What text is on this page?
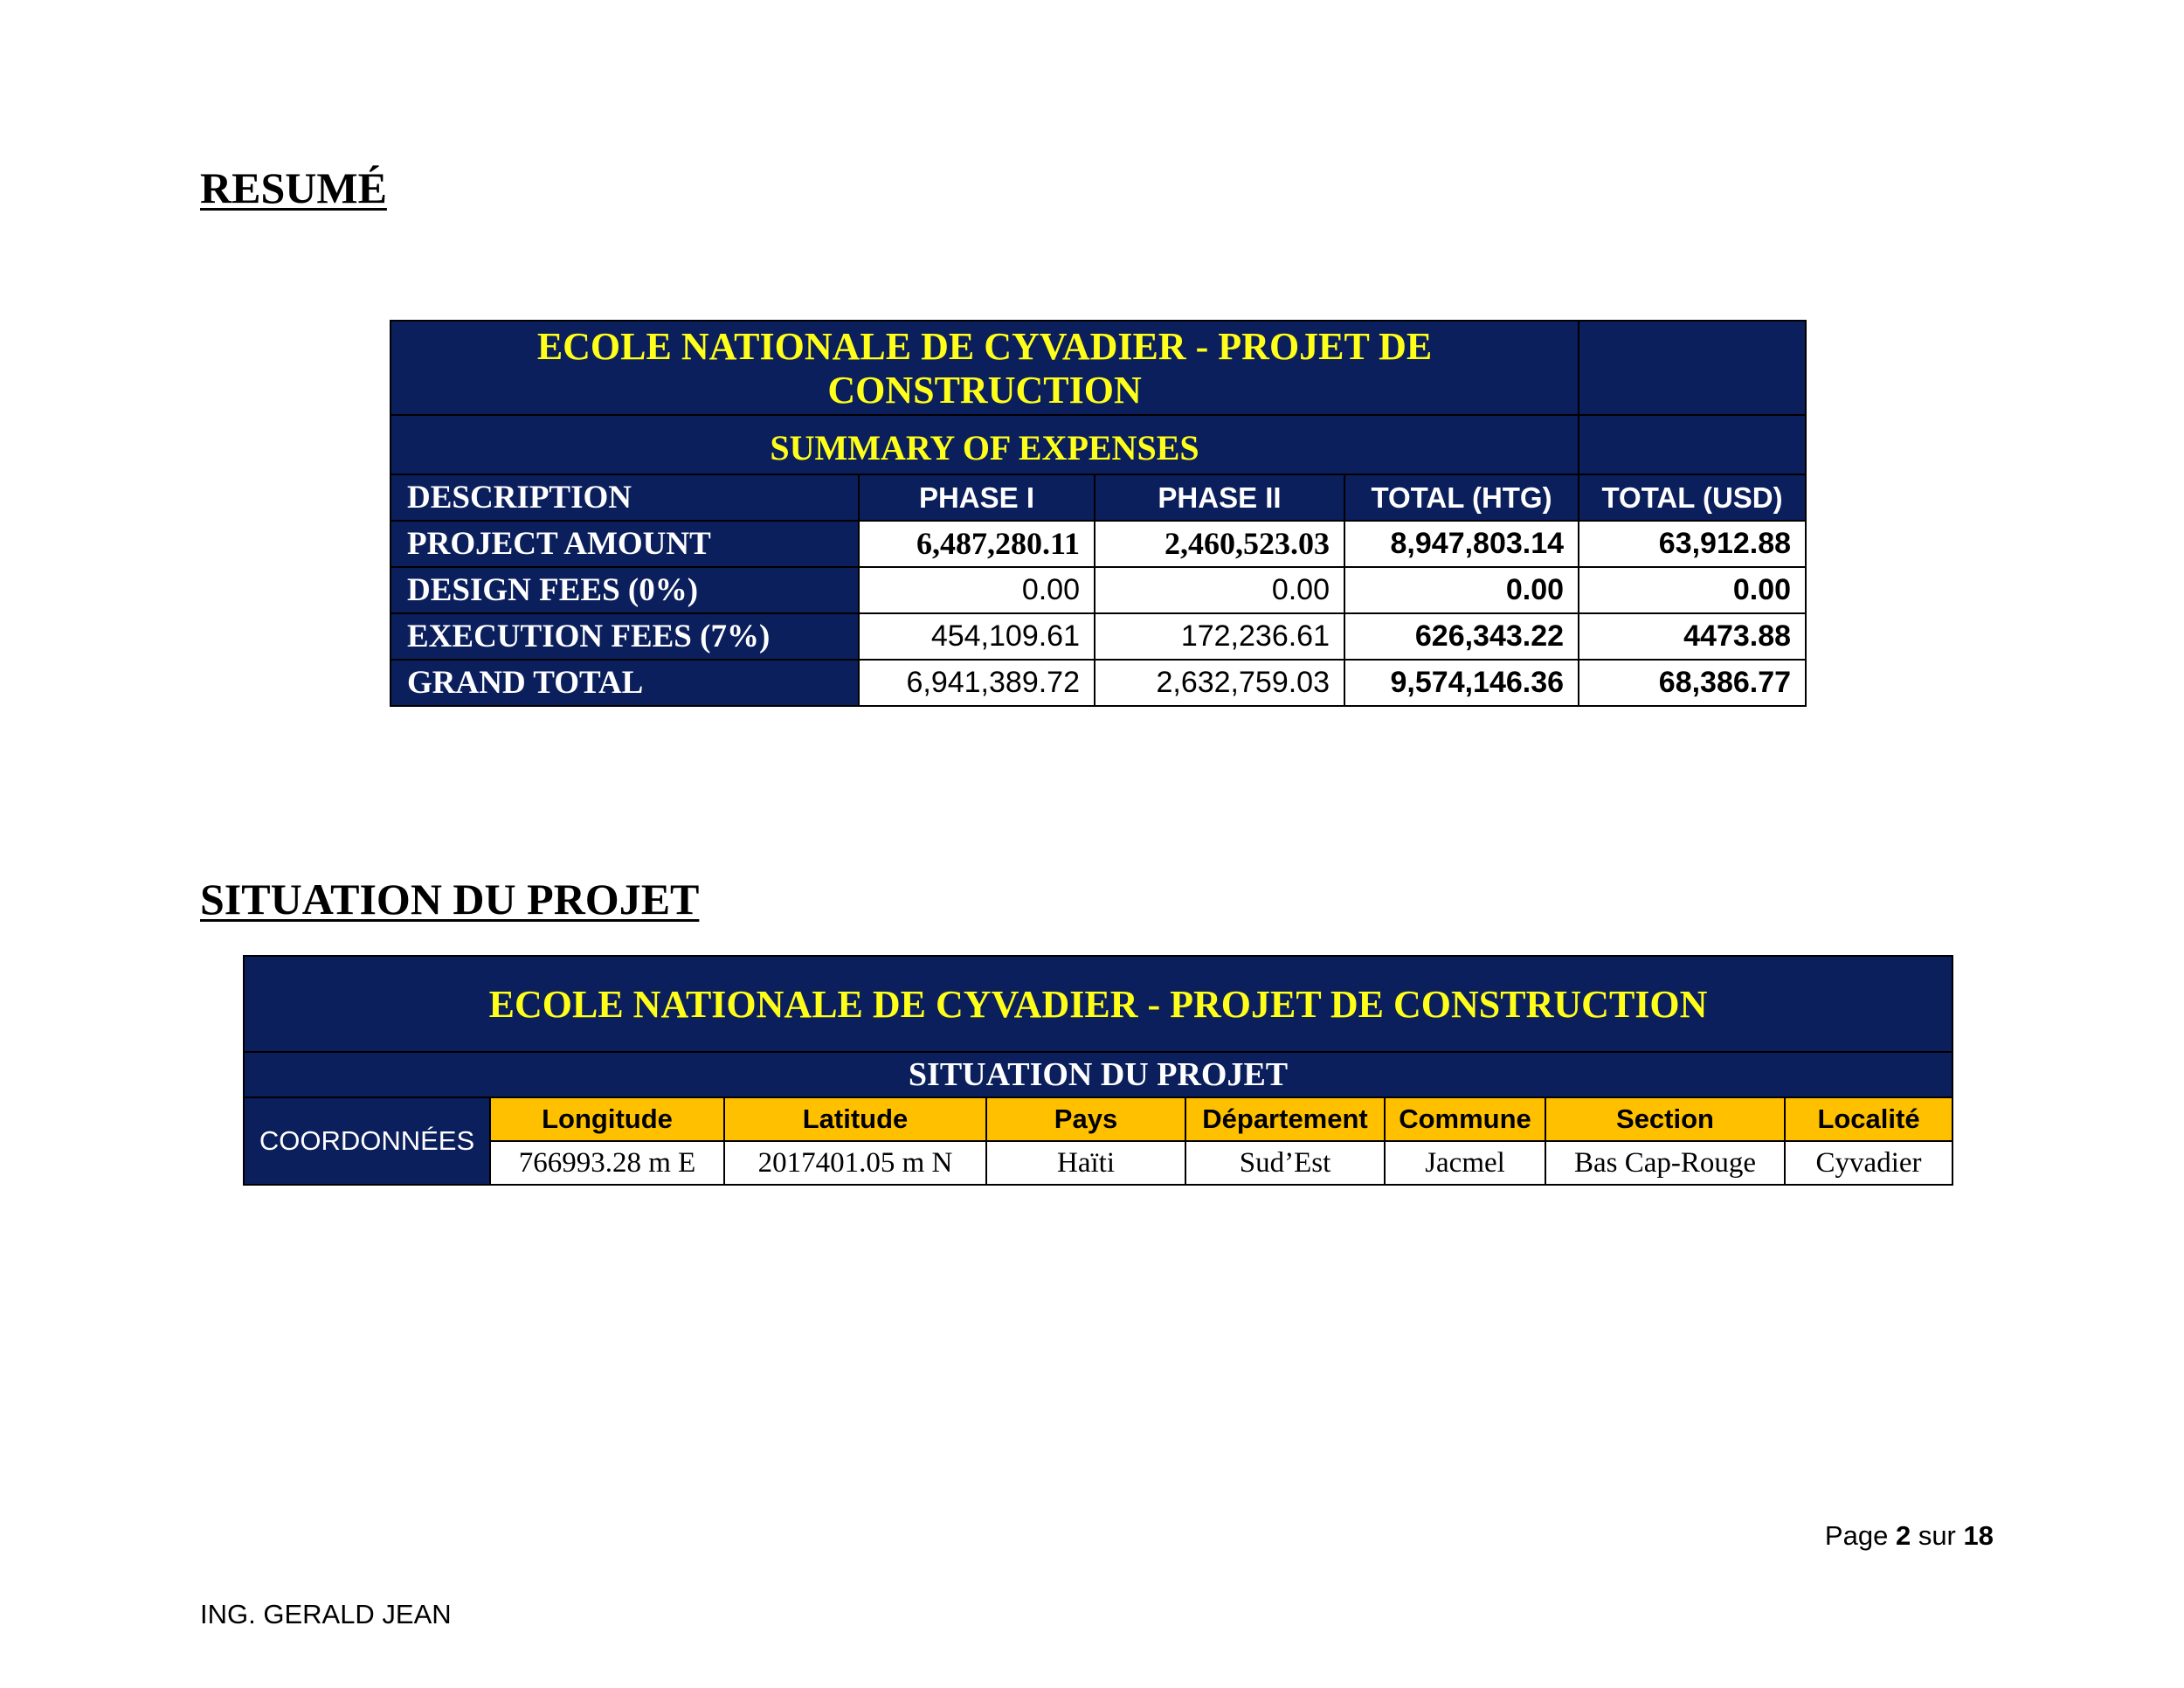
RESUMÉ
ECOLE NATIONALE DE CYVADIER - PROJET DE CONSTRUCTION				
SUMMARY OF EXPENSES				
DESCRIPTION	PHASE I	PHASE II	TOTAL (HTG)	TOTAL (USD)
PROJECT AMOUNT	6,487,280.11	2,460,523.03	8,947,803.14	63,912.88
DESIGN FEES (0%)	0.00	0.00	0.00	0.00
EXECUTION FEES (7%)	454,109.61	172,236.61	626,343.22	4473.88
GRAND TOTAL	6,941,389.72	2,632,759.03	9,574,146.36	68,386.77
SITUATION DU PROJET
ECOLE NATIONALE DE CYVADIER - PROJET DE CONSTRUCTION							
SITUATION DU PROJET							
COORDONNÉES	Longitude	Latitude	Pays	Département	Commune	Section	Localité
	766993.28 m E	2017401.05 m N	Haïti	Sud’Est	Jacmel	Bas Cap-Rouge	Cyvadier
Page 2 sur 18
ING. GERALD JEAN
